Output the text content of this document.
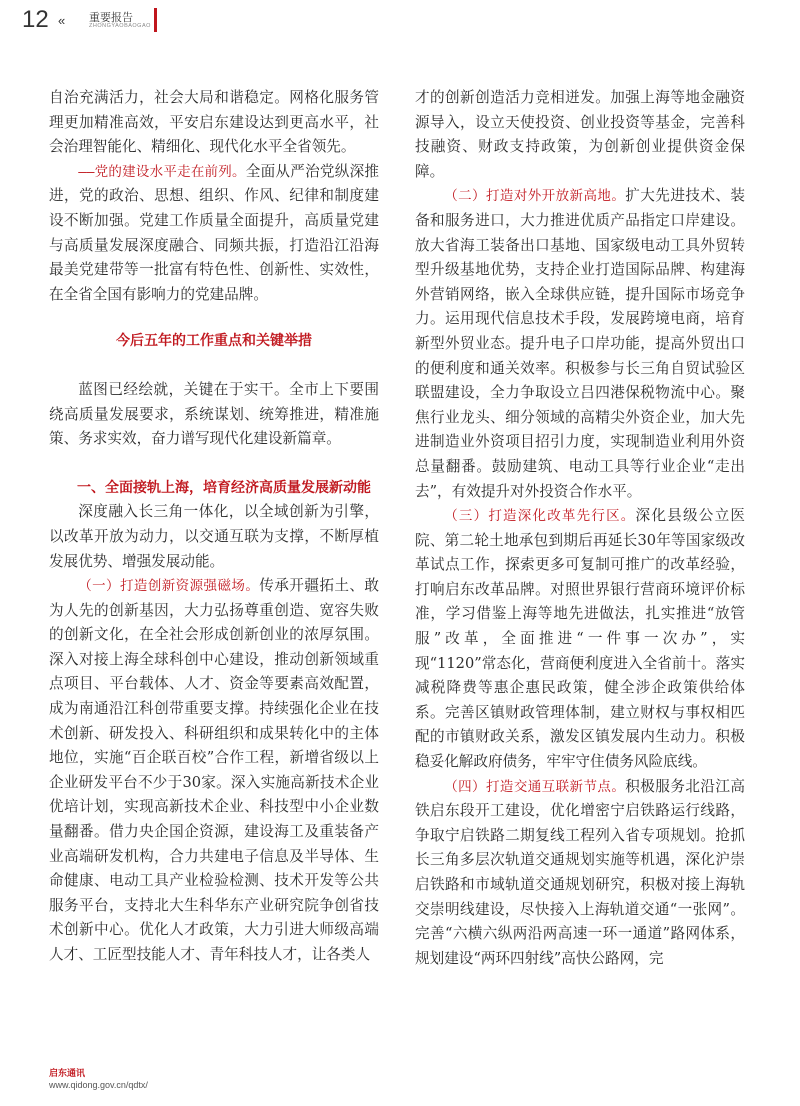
12 « 重要报告
ZHONGYAOBAOGAO

自治充满活力，社会大局和谐稳定。网格化服务管理更加精准高效，平安启东建设达到更高水平，社会治理智能化、精细化、现代化水平全省领先。

——党的建设水平走在前列。全面从严治党纵深推进，党的政治、思想、组织、作风、纪律和制度建设不断加强。党建工作质量全面提升，高质量党建与高质量发展深度融合、同频共振，打造沿江沿海最美党建带等一批富有特色性、创新性、实效性，在全省全国有影响力的党建品牌。

今后五年的工作重点和关键举措

蓝图已经绘就，关键在于实干。全市上下要围绕高质量发展要求，系统谋划、统筹推进，精准施策、务求实效，奋力谱写现代化建设新篇章。

一、全面接轨上海，培育经济高质量发展新动能

深度融入长三角一体化，以全域创新为引擎，以改革开放为动力，以交通互联为支撑，不断厚植发展优势、增强发展动能。

（一）打造创新资源强磁场。传承开疆拓土、敢为人先的创新基因，大力弘扬尊重创造、宽容失败的创新文化，在全社会形成创新创业的浓厚氛围。深入对接上海全球科创中心建设，推动创新领域重点项目、平台载体、人才、资金等要素高效配置，成为南通沿江科创带重要支撑。持续强化企业在技术创新、研发投入、科研组织和成果转化中的主体地位，实施“百企联百校”合作工程，新增省级以上企业研发平台不少于30家。深入实施高新技术企业优培计划，实现高新技术企业、科技型中小企业数量翻番。借力央企国企资源，建设海工及重装备产业高端研发机构，合力共建电子信息及半导体、生命健康、电动工具产业检验检测、技术开发等公共服务平台，支持北大生科华东产业研究院争创省技术创新中心。优化人才政策，大力引进大师级高端人才、工匠型技能人才、青年科技人才，让各类人

才的创新创造活力竞相迸发。加强上海等地金融资源导入，设立天使投资、创业投资等基金，完善科技融资、财政支持政策，为创新创业提供资金保障。

（二）打造对外开放新高地。扩大先进技术、装备和服务进口，大力推进优质产品指定口岸建设。放大省海工装备出口基地、国家级电动工具外贸转型升级基地优势，支持企业打造国际品牌、构建海外营销网络，嵌入全球供应链，提升国际市场竞争力。运用现代信息技术手段，发展跨境电商，培育新型外贸业态。提升电子口岸功能，提高外贸出口的便利度和通关效率。积极参与长三角自贸试验区联盟建设，全力争取设立吕四港保税物流中心。聚焦行业龙头、细分领域的高精尖外资企业，加大先进制造业外资项目招引力度，实现制造业利用外资总量翻番。鼓励建筑、电动工具等行业企业“走出去”，有效提升对外投资合作水平。

（三）打造深化改革先行区。深化县级公立医院、第二轮土地承包到期后再延长30年等国家级改革试点工作，探索更多可复制可推广的改革经验，打响启东改革品牌。对照世界银行营商环境评价标准，学习借鉴上海等地先进做法，扎实推进“放管服”改革，全面推进“一件事一次办”，实现“1120”常态化，营商便利度进入全省前十。落实减税降费等惠企惠民政策，健全涉企政策供给体系。完善区镇财政管理体制，建立财权与事权相匹配的市镇财政关系，激发区镇发展内生动力。积极稳妥化解政府债务，牢牢守住债务风险底线。

（四）打造交通互联新节点。积极服务北沿江高铁启东段开工建设，优化增密宁启铁路运行线路，争取宁启铁路二期复线工程列入省专项规划。抢抓长三角多层次轨道交通规划实施等机遇，深化沪崇启铁路和市域轨道交通规划研究，积极对接上海轨交崇明线建设，尽快接入上海轨道交通“一张网”。完善“六横六纵两沿两高速一环一通道”路网体系，规划建设“两环四射线”高快公路网，完

启东通讯
www.qidong.gov.cn/qdtx/
